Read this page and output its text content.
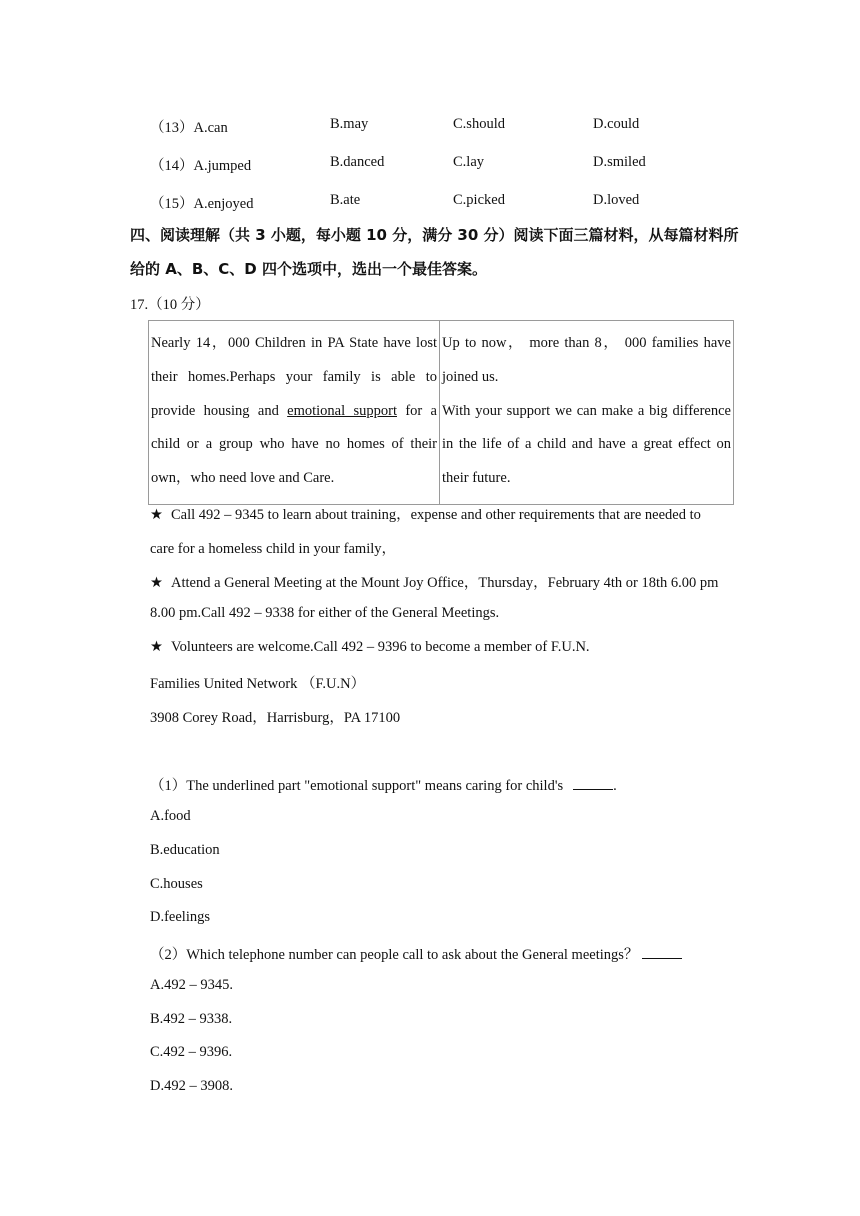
（13）A.can	B.may	C.should	D.could
（14）A.jumped	B.danced	C.lay	D.smiled
（15）A.enjoyed	B.ate	C.picked	D.loved
四、阅读理解（共 3 小题，每小题 10 分，满分 30 分）阅读下面三篇材料，从每篇材料所
给的 A、B、C、D 四个选项中，选出一个最佳答案。
17.（10 分）
Nearly 14，000 Children in PA State have lost their homes.Perhaps your family is able to provide housing and emotional support for a child or a group who have no homes of their own，who need love and Care.	
Up to now， more than 8， 000 families have joined us.
With your support we can make a big difference in the life of a child and have a great effect on their future.
★ Call 492 – 9345 to learn about training，expense and other requirements that are needed to
care for a homeless child in your family，
★ Attend a General Meeting at the Mount Joy Office，Thursday，February 4th or 18th 6.00 pm
8.00 pm.Call 492 – 9338 for either of the General Meetings.
★ Volunteers are welcome.Call 492 – 9396 to become a member of F.U.N.
Families United Network （F.U.N）
3908 Corey Road，Harrisburg，PA 17100
（1）The underlined part "emotional support" means caring for child's	.
A.food
B.education
C.houses
D.feelings
（2）Which telephone number can people call to ask about the General meetings？
A.492 – 9345.
B.492 – 9338.
C.492 – 9396.
D.492 – 3908.
